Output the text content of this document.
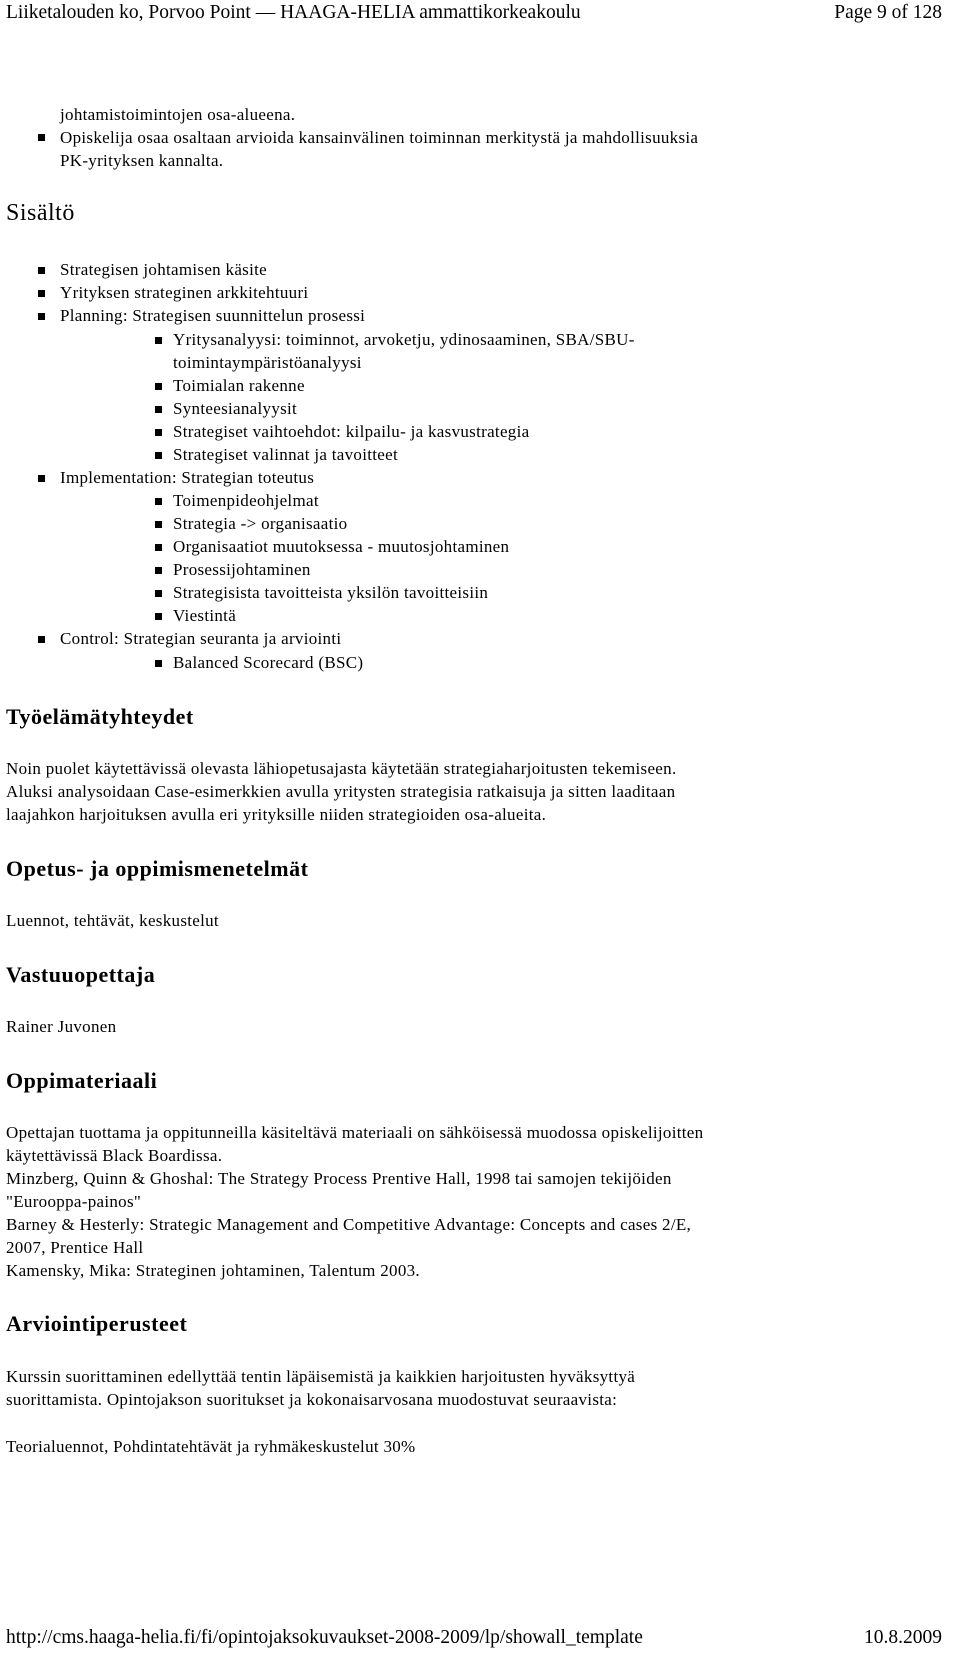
Liiketalouden ko, Porvoo Point — HAAGA-HELIA ammattikorkeakoulu	Page 9 of 128
johtamistoimintojen osa-alueena.
Opiskelija osaa osaltaan arvioida kansainvälinen toiminnan merkitystä ja mahdollisuuksia
PK-yrityksen kannalta.
Sisältö
Strategisen johtamisen käsite
Yrityksen strateginen arkkitehtuuri
Planning: Strategisen suunnittelun prosessi
Yritysanalyysi: toiminnot, arvoketju, ydinosaaminen, SBA/SBU-
toimintaympäristöanalyysi
Toimialan rakenne
Synteesianalyysit
Strategiset vaihtoehdot: kilpailu- ja kasvustrategia
Strategiset valinnat ja tavoitteet
Implementation: Strategian toteutus
Toimenpideohjelmat
Strategia -> organisaatio
Organisaatiot muutoksessa - muutosjohtaminen
Prosessijohtaminen
Strategisista tavoitteista yksilön tavoitteisiin
Viestintä
Control: Strategian seuranta ja arviointi
Balanced Scorecard (BSC)
Työelämätyhteydet
Noin puolet käytettävissä olevasta lähiopetusajasta käytetään strategiaharjoitusten tekemiseen.
Aluksi analysoidaan Case-esimerkkien avulla yritysten strategisia ratkaisuja ja sitten laaditaan
laajahkon harjoituksen avulla eri yrityksille niiden strategioiden osa-alueita.
Opetus- ja oppimismenetelmät
Luennot, tehtävät, keskustelut
Vastuuopettaja
Rainer Juvonen
Oppimateriaali
Opettajan tuottama ja oppitunneilla käsiteltävä materiaali on sähköisessä muodossa opiskelijoitten
käytettävissä Black Boardissa.
Minzberg, Quinn & Ghoshal: The Strategy Process Prentive Hall, 1998 tai samojen tekijöiden
"Eurooppa-painos"
Barney & Hesterly: Strategic Management and Competitive Advantage: Concepts and cases 2/E,
2007, Prentice Hall
Kamensky, Mika: Strateginen johtaminen, Talentum 2003.
Arviointiperusteet
Kurssin suorittaminen edellyttää tentin läpäisemistä ja kaikkien harjoitusten hyväksyttyä
suorittamista. Opintojakson suoritukset ja kokonaisarvosana muodostuvat seuraavista:
Teorialuennot, Pohdintatehtävät ja ryhmäkeskustelut 30%
http://cms.haaga-helia.fi/fi/opintojaksokuvaukset-2008-2009/lp/showall_template	10.8.2009
